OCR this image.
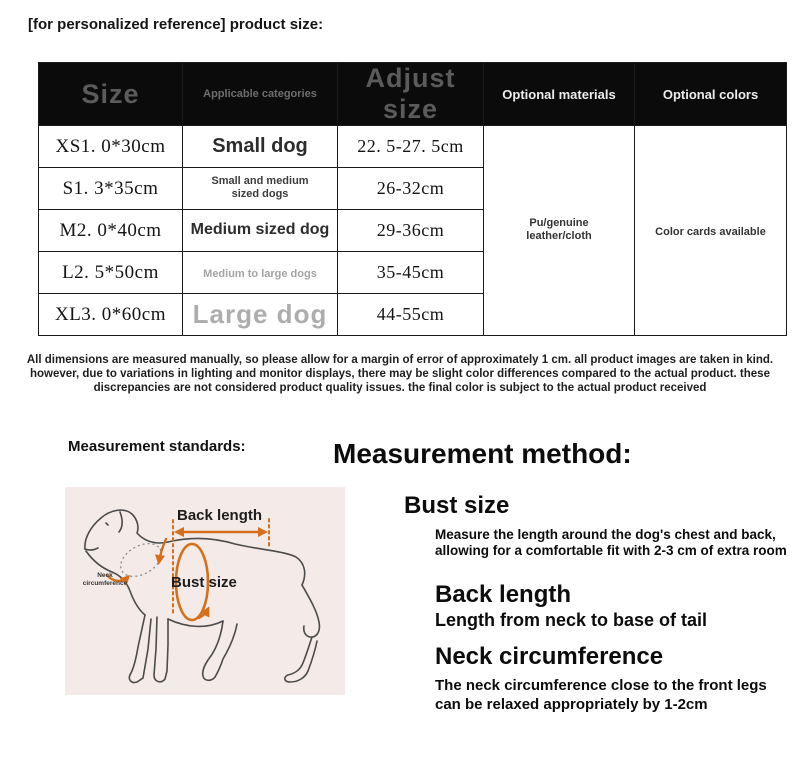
[for personalized reference] product size:
Size	Applicable categories	Adjust size	Optional materials	Optional colors
XS1. 0*30cm	Small dog	22. 5-27. 5cm	Pu/genuine leather/cloth	Color cards available
S1. 3*35cm	Small and medium sized dogs	26-32cm		
M2. 0*40cm	Medium sized dog	29-36cm		
L2. 5*50cm	Medium to large dogs	35-45cm		
XL3. 0*60cm	Large dog	44-55cm		
All dimensions are measured manually, so please allow for a margin of error of approximately 1 cm. all product images are taken in kind. however, due to variations in lighting and monitor displays, there may be slight color differences compared to the actual product. these discrepancies are not considered product quality issues. the final color is subject to the actual product received
Measurement standards:
Back length
Bust size
Neck circumference
Measurement method:
Bust size
Measure the length around the dog's chest and back, allowing for a comfortable fit with 2-3 cm of extra room
Back length
Length from neck to base of tail
Neck circumference
The neck circumference close to the front legs can be relaxed appropriately by 1-2cm
